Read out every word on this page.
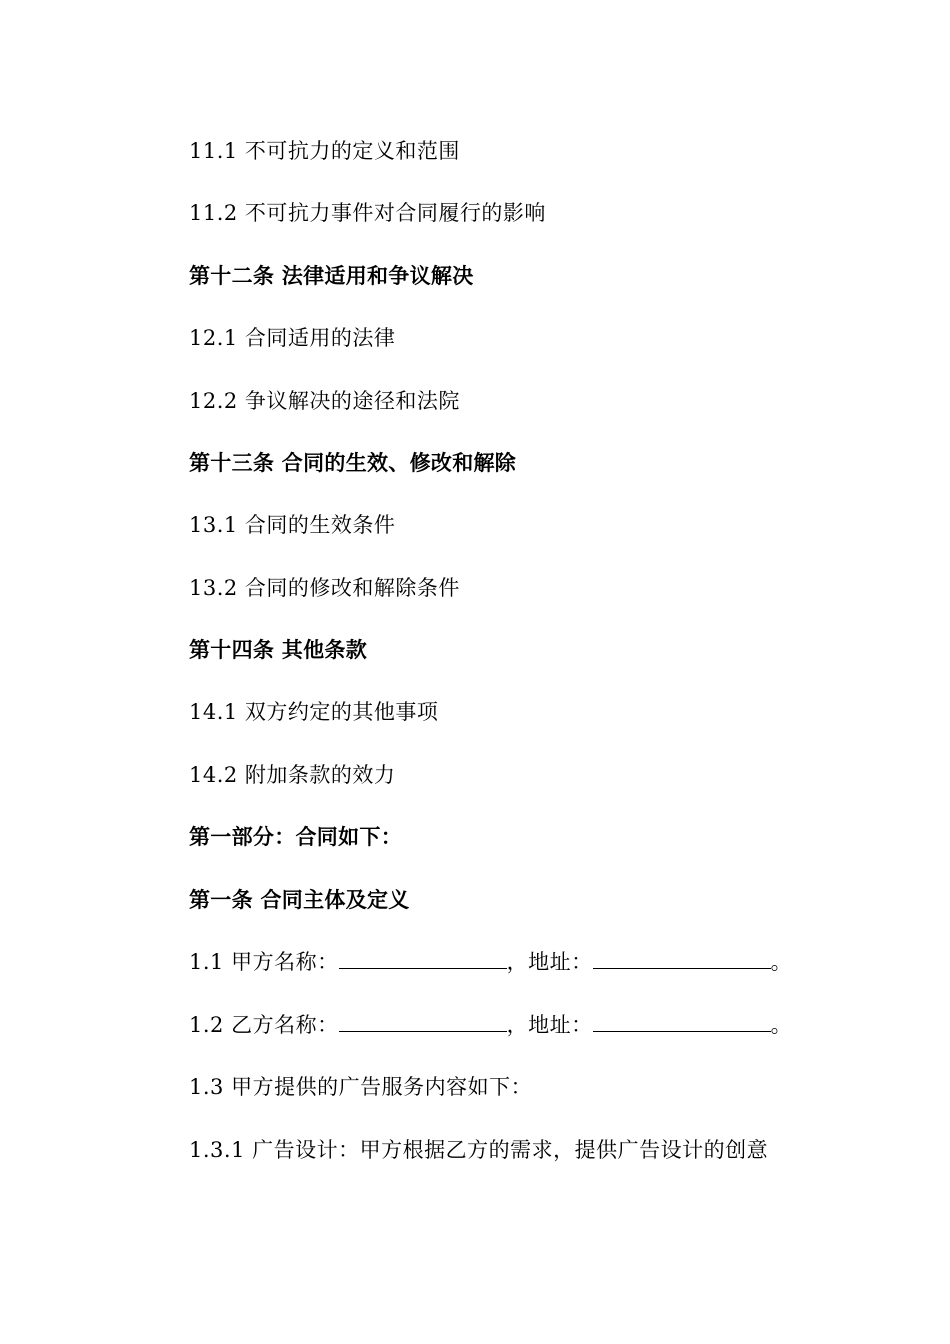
11.1 不可抗力的定义和范围
11.2 不可抗力事件对合同履行的影响
第十二条 法律适用和争议解决
12.1 合同适用的法律
12.2 争议解决的途径和法院
第十三条 合同的生效、修改和解除
13.1 合同的生效条件
13.2 合同的修改和解除条件
第十四条 其他条款
14.1 双方约定的其他事项
14.2 附加条款的效力
第一部分：合同如下：
第一条 合同主体及定义
1.1 甲方名称：	，地址：	。
1.2 乙方名称：	，地址：	。
1.3 甲方提供的广告服务内容如下：
1.3.1 广告设计：甲方根据乙方的需求，提供广告设计的创意
